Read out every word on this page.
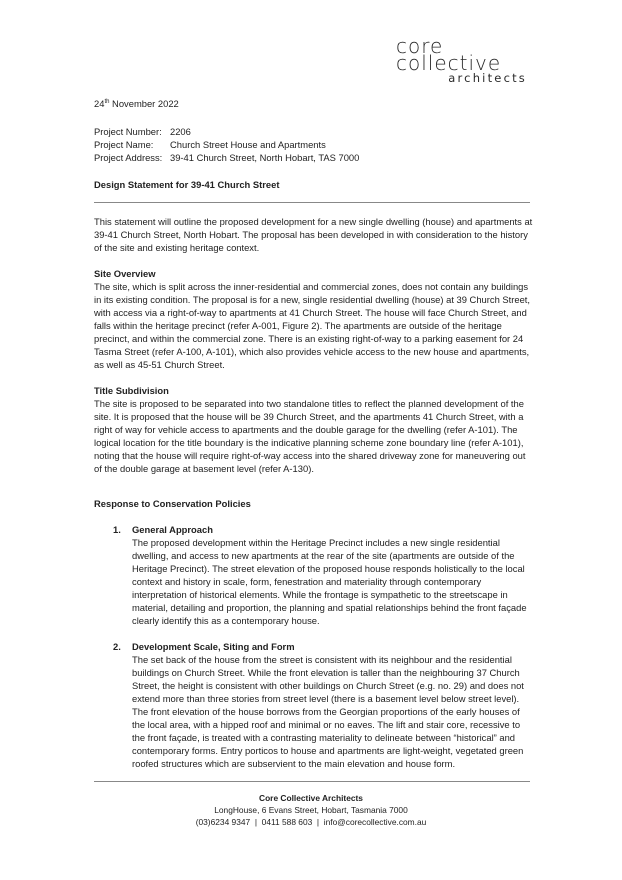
core
collective
architects
24th November 2022
Project Number: 2206
Project Name:	Church Street House and Apartments
Project Address: 39-41 Church Street, North Hobart, TAS 7000
Design Statement for 39-41 Church Street

This statement will outline the proposed development for a new single dwelling (house) and apartments at 39-41 Church Street, North Hobart. The proposal has been developed in with consideration to the history of the site and existing heritage context.

Site Overview

The site, which is split across the inner-residential and commercial zones, does not contain any buildings in its existing condition. The proposal is for a new, single residential dwelling (house) at 39 Church Street, with access via a right-of-way to apartments at 41 Church Street. The house will face Church Street, and falls within the heritage precinct (refer A-001, Figure 2). The apartments are outside of the heritage precinct, and within the commercial zone. There is an existing right-of-way to a parking easement for 24 Tasma Street (refer A-100, A-101), which also provides vehicle access to the new house and apartments, as well as 45-51 Church Street.

Title Subdivision

The site is proposed to be separated into two standalone titles to reflect the planned development of the site. It is proposed that the house will be 39 Church Street, and the apartments 41 Church Street, with a right of way for vehicle access to apartments and the double garage for the dwelling (refer A-101). The logical location for the title boundary is the indicative planning scheme zone boundary line (refer A-101), noting that the house will require right-of-way access into the shared driveway zone for maneuvering out of the double garage at basement level (refer A-130).

Response to Conservation Policies

1.	General Approach

The proposed development within the Heritage Precinct includes a new single residential dwelling, and access to new apartments at the rear of the site (apartments are outside of the Heritage Precinct). The street elevation of the proposed house responds holistically to the local context and history in scale, form, fenestration and materiality through contemporary interpretation of historical elements. While the frontage is sympathetic to the streetscape in material, detailing and proportion, the planning and spatial relationships behind the front façade clearly identify this as a contemporary house.

2.	Development Scale, Siting and Form

The set back of the house from the street is consistent with its neighbour and the residential buildings on Church Street. While the front elevation is taller than the neighbouring 37 Church Street, the height is consistent with other buildings on Church Street (e.g. no. 29) and does not extend more than three stories from street level (there is a basement level below street level). The front elevation of the house borrows from the Georgian proportions of the early houses of the local area, with a hipped roof and minimal or no eaves. The lift and stair core, recessive to the front façade, is treated with a contrasting materiality to delineate between “historical” and contemporary forms. Entry porticos to house and apartments are light-weight, vegetated green roofed structures which are subservient to the main elevation and house form.

Core Collective Architects
LongHouse, 6 Evans Street, Hobart, Tasmania 7000
(03)6234 9347  |  0411 588 603  |  info@corecollective.com.au
